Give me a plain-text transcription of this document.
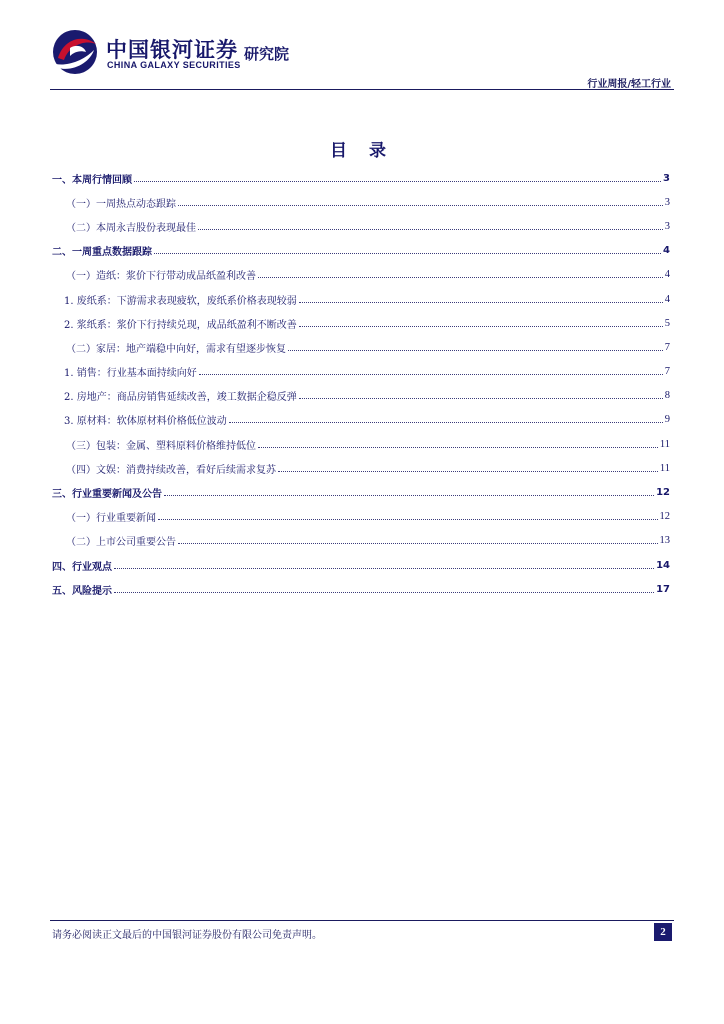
中国银河证券
CHINA GALAXY SECURITIES
研究院
行业周报/轻工行业
目 录
一、本周行情回顾	3
（一）一周热点动态跟踪	3
（二）本周永吉股份表现最佳	3
二、一周重点数据跟踪	4
（一）造纸：浆价下行带动成品纸盈利改善	4
1. 废纸系：下游需求表现疲软，废纸系价格表现较弱	4
2. 浆纸系：浆价下行持续兑现，成品纸盈利不断改善	5
（二）家居：地产端稳中向好，需求有望逐步恢复	7
1. 销售：行业基本面持续向好	7
2. 房地产：商品房销售延续改善，竣工数据企稳反弹	8
3. 原材料：软体原材料价格低位波动	9
（三）包装：金属、塑料原料价格维持低位	11
（四）文娱：消费持续改善，看好后续需求复苏	11
三、行业重要新闻及公告	12
（一）行业重要新闻	12
（二）上市公司重要公告	13
四、行业观点	14
五、风险提示	17
请务必阅读正文最后的中国银河证券股份有限公司免责声明。	2
